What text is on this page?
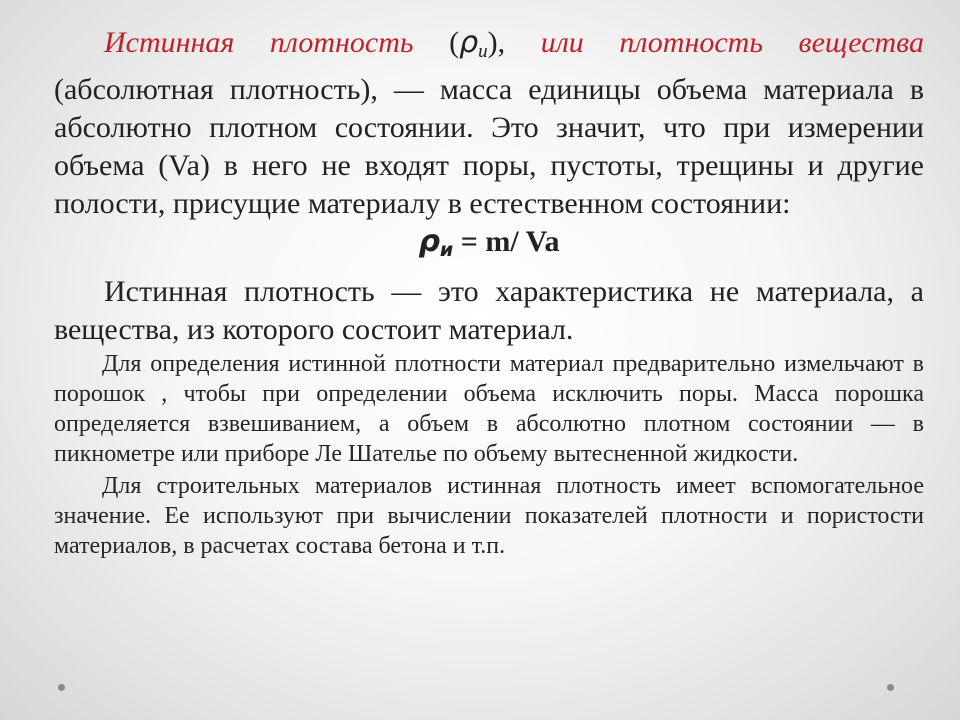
Истинная плотность $(\rho_и)$, или плотность вещества (абсолютная плотность), — масса единицы объема материала в абсолютно плотном состоянии. Это значит, что при измерении объема (Va) в него не входят поры, пустоты, трещины и другие полости, присущие материалу в естественном состоянии:

$\rho_и = m/$ Va

Истинная плотность — это характеристика не материала, а вещества, из которого состоит материал.

Для определения истинной плотности материал предварительно измельчают в порошок , чтобы при определении объема исключить поры. Масса порошка определяется взвешиванием, а объем в абсолютно плотном состоянии — в пикнометре или приборе Ле Шателье по объему вытесненной жидкости.

Для строительных материалов истинная плотность имеет вспомогательное значение. Ее используют при вычислении показателей плотности и пористости материалов, в расчетах состава бетона и т.п.
